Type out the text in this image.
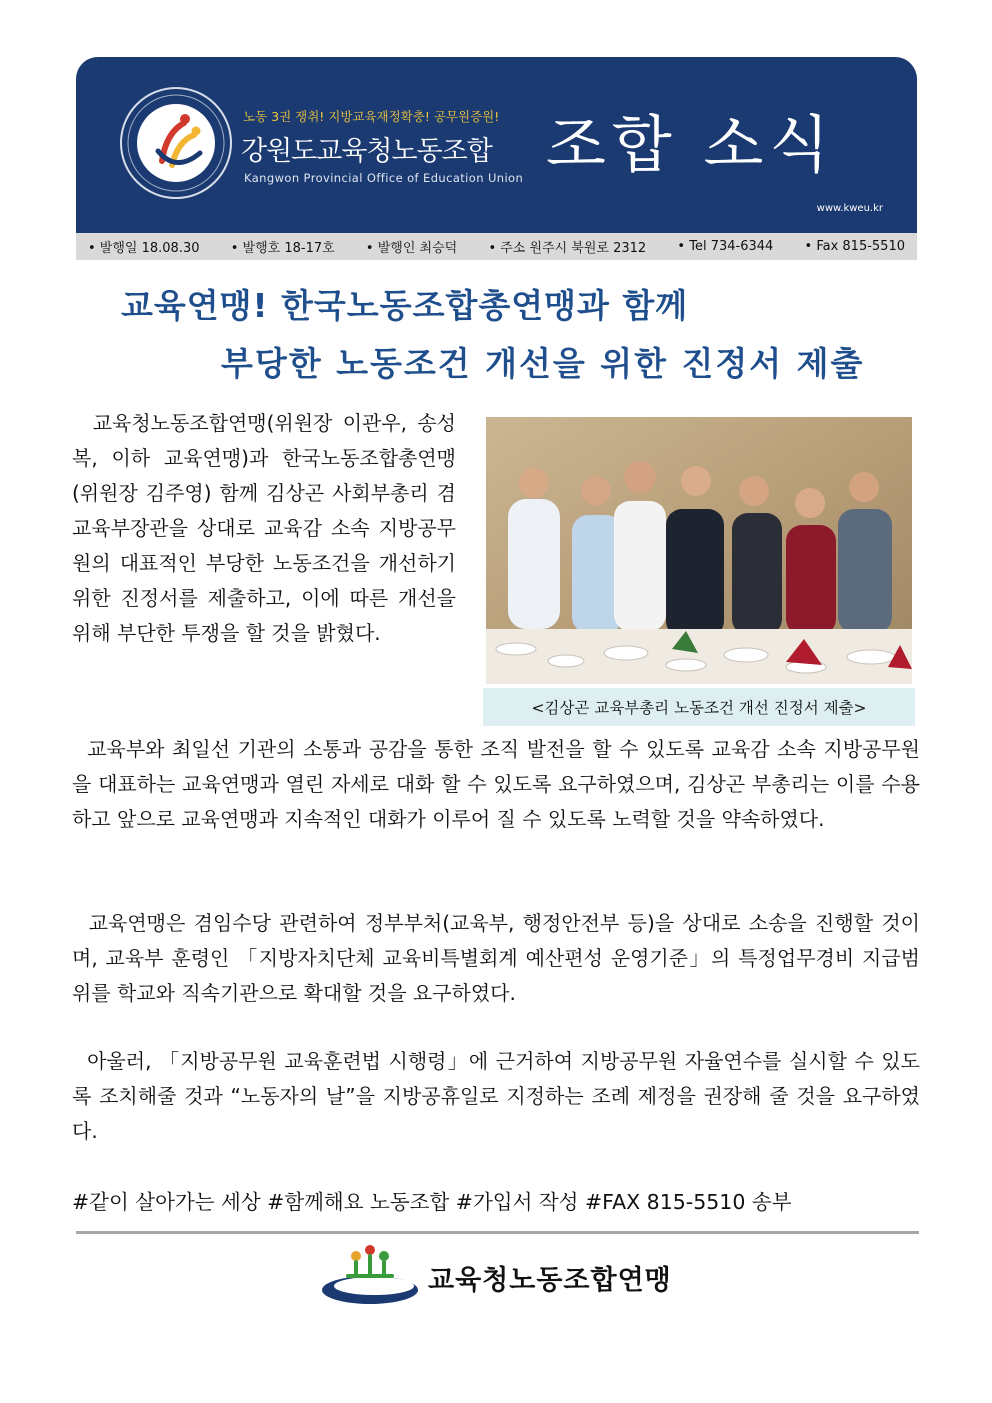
노동 3권 쟁취! 지방교육재정확충! 공무원증원!
강원도교육청노동조합
Kangwon Provincial Office of Education Union 조합 소식
www.kweu.kr
• 발행일 18.08.30 • 발행호 18-17호 • 발행인 최승덕 • 주소 원주시 북원로 2312 • Tel 734-6344 • Fax 815-5510
교육연맹! 한국노동조합총연맹과 함께
부당한 노동조건 개선을 위한 진정서 제출
교육청노동조합연맹(위원장 이관우, 송성복, 이하 교육연맹)과 한국노동조합총연맹(위원장 김주영) 함께 김상곤 사회부총리 겸 교육부장관을 상대로 교육감 소속 지방공무원의 대표적인 부당한 노동조건을 개선하기 위한 진정서를 제출하고, 이에 따른 개선을 위해 부단한 투쟁을 할 것을 밝혔다.
<김상곤 교육부총리 노동조건 개선 진정서 제출>
교육부와 최일선 기관의 소통과 공감을 통한 조직 발전을 할 수 있도록 교육감 소속 지방공무원을 대표하는 교육연맹과 열린 자세로 대화 할 수 있도록 요구하였으며, 김상곤 부총리는 이를 수용하고 앞으로 교육연맹과 지속적인 대화가 이루어 질 수 있도록 노력할 것을 약속하였다.
교육연맹은 겸임수당 관련하여 정부부처(교육부, 행정안전부 등)을 상대로 소송을 진행할 것이며, 교육부 훈령인 「지방자치단체 교육비특별회계 예산편성 운영기준」의 특정업무경비 지급범위를 학교와 직속기관으로 확대할 것을 요구하였다.
아울러, 「지방공무원 교육훈련법 시행령」에 근거하여 지방공무원 자율연수를 실시할 수 있도록 조치해줄 것과 “노동자의 날”을 지방공휴일로 지정하는 조례 제정을 권장해 줄 것을 요구하였다.
#같이 살아가는 세상 #함께해요 노동조합 #가입서 작성 #FAX 815-5510 송부
교육청노동조합연맹
